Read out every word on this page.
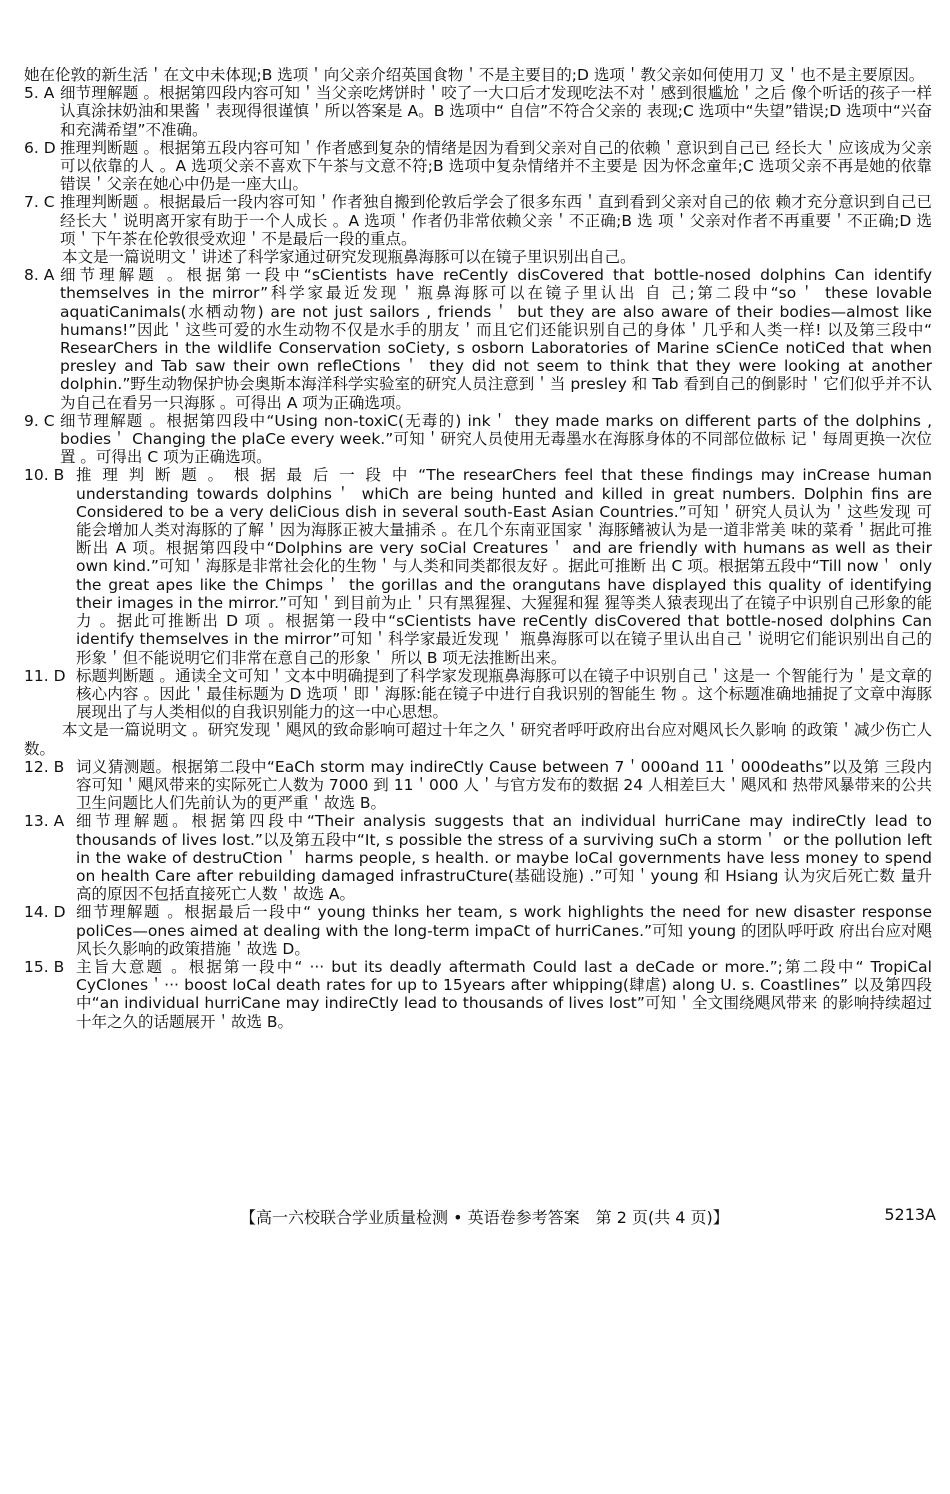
她在伦敦的新生活＇在文中未体现;B 选项＇向父亲介绍英国食物＇不是主要目的;D 选项＇教父亲如何使用刀 叉＇也不是主要原因。

5. A 细节理解题 。根据第四段内容可知＇当父亲吃烤饼时＇咬了一大口后才发现吃法不对＇感到很尴尬＇之后 像个听话的孩子一样认真涂抹奶油和果酱＇表现得很谨慎＇所以答案是 A。B 选项中“ 自信”不符合父亲的 表现;C 选项中“失望”错误;D 选项中“兴奋和充满希望”不准确。
6. D 推理判断题 。根据第五段内容可知＇作者感到复杂的情绪是因为看到父亲对自己的依赖＇意识到自己已 经长大＇应该成为父亲可以依靠的人 。A 选项父亲不喜欢下午茶与文意不符;B 选项中复杂情绪并不主要是 因为怀念童年;C 选项父亲不再是她的依靠错误＇父亲在她心中仍是一座大山。
7. C 推理判断题 。根据最后一段内容可知＇作者独自搬到伦敦后学会了很多东西＇直到看到父亲对自己的依 赖才充分意识到自己已经长大＇说明离开家有助于一个人成长 。A 选项＇作者仍非常依赖父亲＇不正确;B 选 项＇父亲对作者不再重要＇不正确;D 选项＇下午茶在伦敦很受欢迎＇不是最后一段的重点。

本文是一篇说明文＇讲述了科学家通过研究发现瓶鼻海豚可以在镜子里识别出自己。

8. A 细节理解题 。根据第一段中“sCientists have reCently disCovered that bottle-nosed dolphins Can identify themselves in the mirror”科学家最近发现＇瓶鼻海豚可以在镜子里认出 自 己;第二段中“so＇ these lovable aquatiCanimals(水栖动物) are not just sailors , friends＇ but they are also aware of their bodies—almost like humans!”因此＇这些可爱的水生动物不仅是水手的朋友＇而且它们还能识别自己的身体＇几乎和人类一样! 以及第三段中“ ResearChers in the wildlife Conservation soCiety, s osborn Laboratories of Marine sCienCe notiCed that when presley and Tab saw their own refleCtions＇ they did not seem to think that they were looking at another dolphin.”野生动物保护协会奥斯本海洋科学实验室的研究人员注意到＇当 presley 和 Tab 看到自己的倒影时＇它们似乎并不认为自己在看另一只海豚 。可得出 A 项为正确选项。
9. C 细节理解题 。根据第四段中“Using non-toxiC(无毒的) ink＇ they made marks on different parts of the dolphins , bodies＇ Changing the plaCe every week.”可知＇研究人员使用无毒墨水在海豚身体的不同部位做标 记＇每周更换一次位置 。可得出 C 项为正确选项。
10. B 推 理 判 断 题 。 根 据 最 后 一 段 中 “The researChers feel that these findings may inCrease human understanding towards dolphins＇ whiCh are being hunted and killed in great numbers. Dolphin fins are Considered to be a very deliCious dish in several south-East Asian Countries.”可知＇研究人员认为＇这些发现 可能会增加人类对海豚的了解＇因为海豚正被大量捕杀 。在几个东南亚国家＇海豚鳍被认为是一道非常美 味的菜肴＇据此可推断出 A 项。根据第四段中“Dolphins are very soCial Creatures＇ and are friendly with humans as well as their own kind.”可知＇海豚是非常社会化的生物＇与人类和同类都很友好 。据此可推断 出 C 项。根据第五段中“Till now＇ only the great apes like the Chimps＇ the gorillas and the orangutans have displayed this quality of identifying their images in the mirror.”可知＇到目前为止＇只有黑猩猩、大猩猩和猩 猩等类人猿表现出了在镜子中识别自己形象的能力 。据此可推断出 D 项 。根据第一段中“sCientists have reCently disCovered that bottle-nosed dolphins Can identify themselves in the mirror”可知＇科学家最近发现＇ 瓶鼻海豚可以在镜子里认出自己＇说明它们能识别出自己的形象＇但不能说明它们非常在意自己的形象＇ 所以 B 项无法推断出来。
11. D 标题判断题 。通读全文可知＇文本中明确提到了科学家发现瓶鼻海豚可以在镜子中识别自己＇这是一 个智能行为＇是文章的核心内容 。因此＇最佳标题为 D 选项＇即＇海豚:能在镜子中进行自我识别的智能生 物 。这个标题准确地捕捉了文章中海豚展现出了与人类相似的自我识别能力的这一中心思想。

本文是一篇说明文 。研究发现＇飓风的致命影响可超过十年之久＇研究者呼吁政府出台应对飓风长久影响 的政策＇减少伤亡人数。

12. B 词义猜测题。根据第二段中“EaCh storm may indireCtly Cause between 7＇000and 11＇000deaths”以及第 三段内容可知＇飓风带来的实际死亡人数为 7000 到 11＇000 人＇与官方发布的数据 24 人相差巨大＇飓风和 热带风暴带来的公共卫生问题比人们先前认为的更严重＇故选 B。
13. A 细节理解题。根据第四段中“Their analysis suggests that an individual hurriCane may indireCtly lead to thousands of lives lost.”以及第五段中“It, s possible the stress of a surviving suCh a storm＇ or the pollution left in the wake of destruCtion＇ harms people, s health. or maybe loCal governments have less money to spend on health Care after rebuilding damaged infrastruCture(基础设施) .”可知＇young 和 Hsiang 认为灾后死亡数 量升高的原因不包括直接死亡人数＇故选 A。
14. D 细节理解题 。根据最后一段中“ young thinks her team, s work highlights the need for new disaster response poliCes—ones aimed at dealing with the long-term impaCt of hurriCanes.”可知 young 的团队呼吁政 府出台应对飓风长久影响的政策措施＇故选 D。
15. B 主旨大意题 。根据第一段中“ ··· but its deadly aftermath Could last a deCade or more.”;第二段中“ TropiCal CyClones＇··· boost loCal death rates for up to 15years after whipping(肆虐) along U. s. Coastlines” 以及第四段中“an individual hurriCane may indireCtly lead to thousands of lives lost”可知＇全文围绕飓风带来 的影响持续超过十年之久的话题展开＇故选 B。
【高一六校联合学业质量检测 • 英语卷参考答案　第 2 页(共 4 页)】	5213A
